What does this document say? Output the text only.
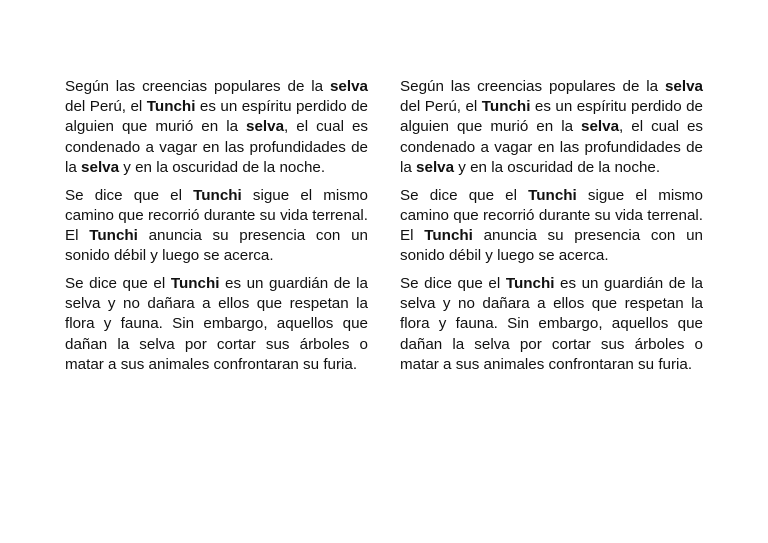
Según las creencias populares de la selva del Perú, el Tunchi es un espíritu perdido de alguien que murió en la selva, el cual es condenado a vagar en las profundidades de la selva y en la oscuridad de la noche.

Se dice que el Tunchi sigue el mismo camino que recorrió durante su vida terrenal. El Tunchi anuncia su presencia con un sonido débil y luego se acerca.

Se dice que el Tunchi es un guardián de la selva y no dañara a ellos que respetan la flora y fauna. Sin embargo, aquellos que dañan la selva por cortar sus árboles o matar a sus animales confrontaran su furia.

Según las creencias populares de la selva del Perú, el Tunchi es un espíritu perdido de alguien que murió en la selva, el cual es condenado a vagar en las profundidades de la selva y en la oscuridad de la noche.

Se dice que el Tunchi sigue el mismo camino que recorrió durante su vida terrenal. El Tunchi anuncia su presencia con un sonido débil y luego se acerca.

Se dice que el Tunchi es un guardián de la selva y no dañara a ellos que respetan la flora y fauna. Sin embargo, aquellos que dañan la selva por cortar sus árboles o matar a sus animales confrontaran su furia.
